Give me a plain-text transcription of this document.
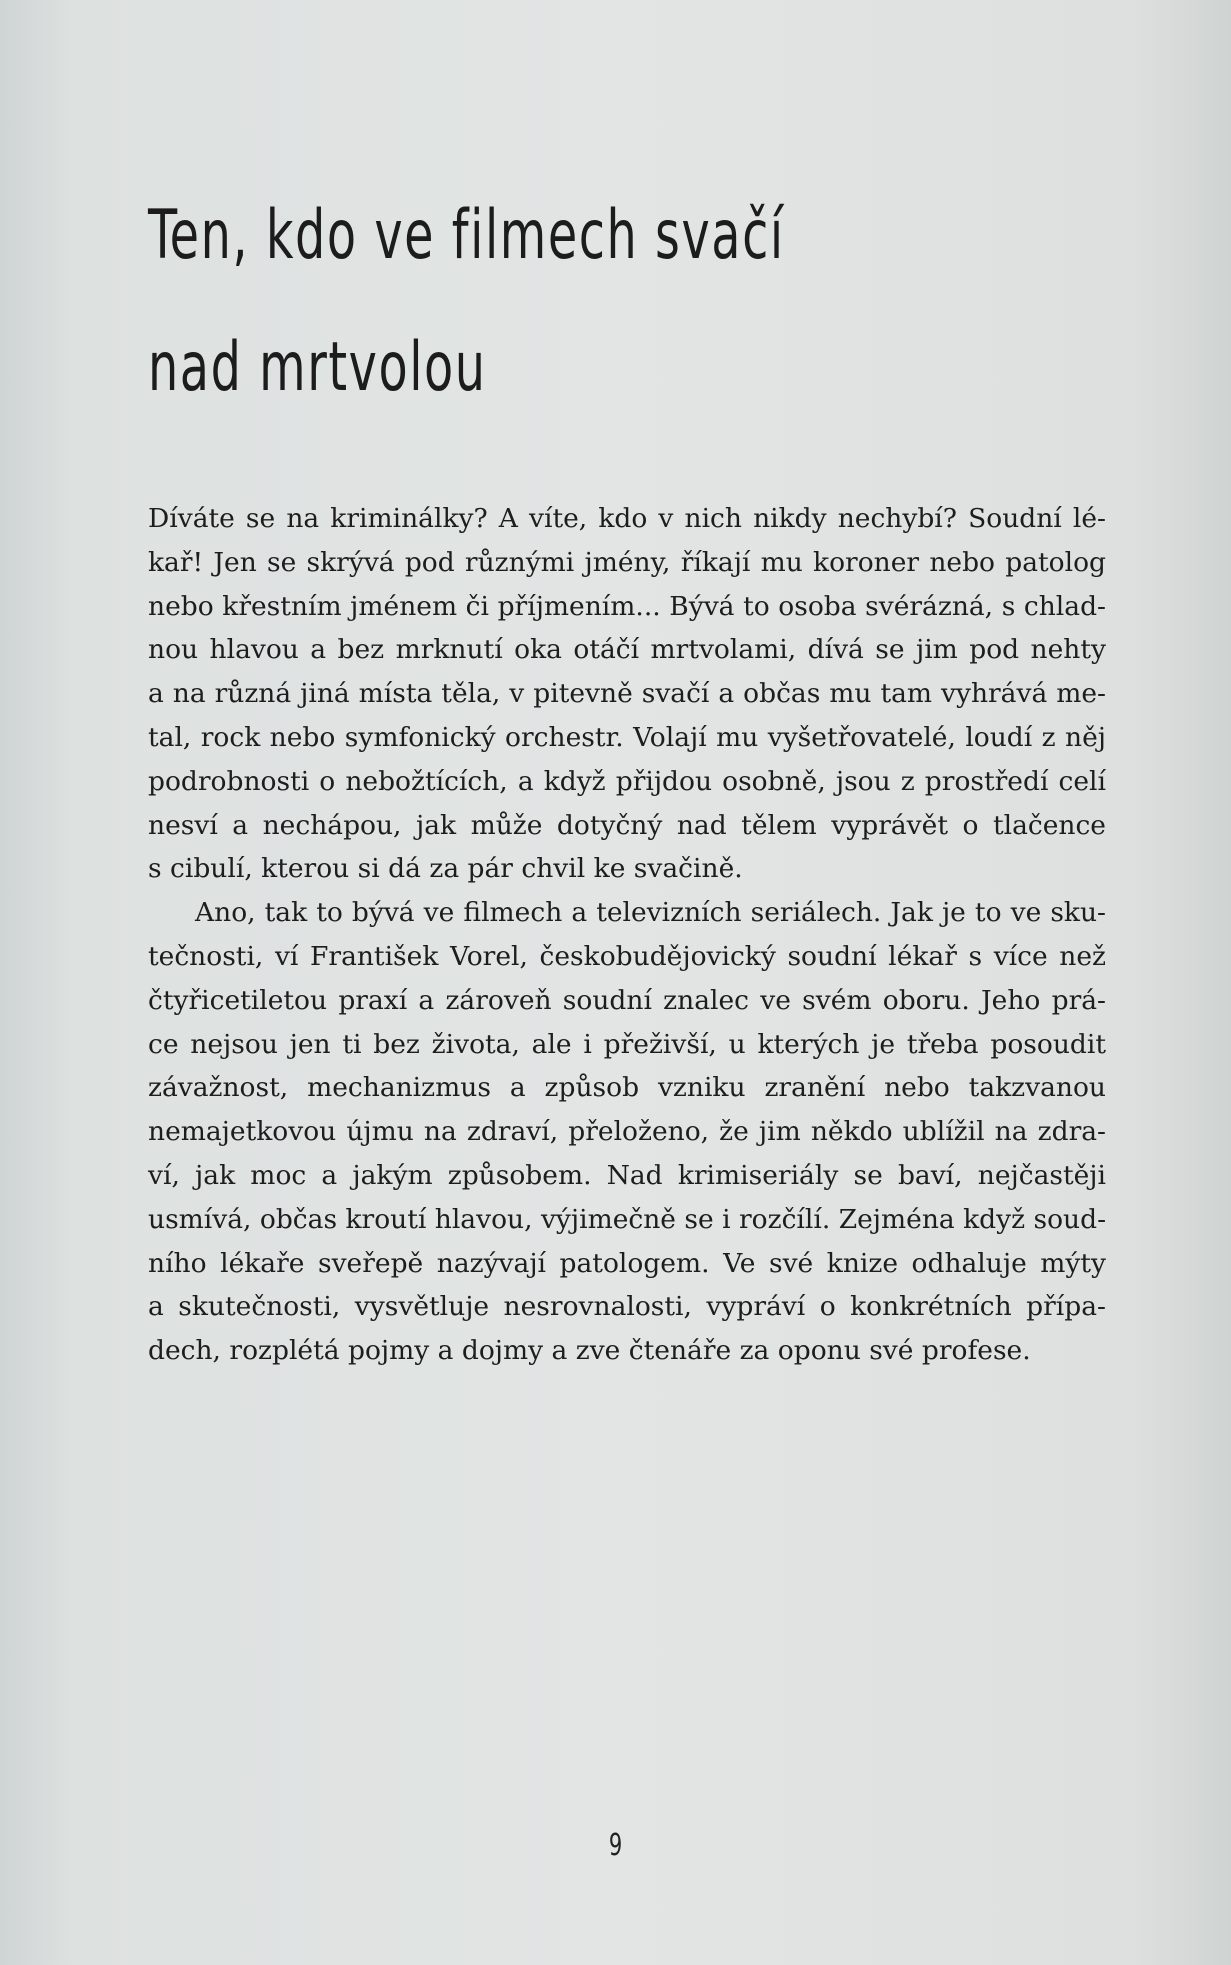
Ten, kdo ve filmech svačí
nad mrtvolou

Díváte se na kriminálky? A víte, kdo v nich nikdy nechybí? Soudní lé-
kař! Jen se skrývá pod různými jmény, říkají mu koroner nebo patolog
nebo křestním jménem či příjmením... Bývá to osoba svérázná, s chlad-
nou hlavou a bez mrknutí oka otáčí mrtvolami, dívá se jim pod nehty
a na různá jiná místa těla, v pitevně svačí a občas mu tam vyhrává me-
tal, rock nebo symfonický orchestr. Volají mu vyšetřovatelé, loudí z něj
podrobnosti o nebožtících, a když přijdou osobně, jsou z prostředí celí
nesví a nechápou, jak může dotyčný nad tělem vyprávět o tlačence
s cibulí, kterou si dá za pár chvil ke svačině.

Ano, tak to bývá ve filmech a televizních seriálech. Jak je to ve sku-
tečnosti, ví František Vorel, českobudějovický soudní lékař s více než
čtyřicetiletou praxí a zároveň soudní znalec ve svém oboru. Jeho prá-
ce nejsou jen ti bez života, ale i přeživší, u kterých je třeba posoudit
závažnost, mechanizmus a způsob vzniku zranění nebo takzvanou
nemajetkovou újmu na zdraví, přeloženo, že jim někdo ublížil na zdra-
ví, jak moc a jakým způsobem. Nad krimiseriály se baví, nejčastěji
usmívá, občas kroutí hlavou, výjimečně se i rozčílí. Zejména když soud-
ního lékaře sveřepě nazývají patologem. Ve své knize odhaluje mýty
a skutečnosti, vysvětluje nesrovnalosti, vypráví o konkrétních přípa-
dech, rozplétá pojmy a dojmy a zve čtenáře za oponu své profese.

9
